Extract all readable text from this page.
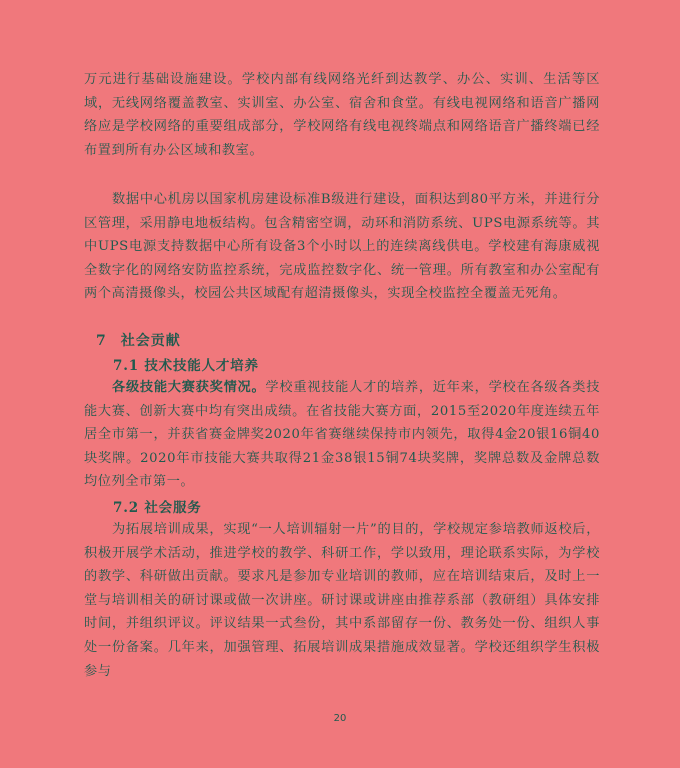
万元进行基础设施建设。学校内部有线网络光纤到达教学、办公、实训、生活等区域，无线网络覆盖教室、实训室、办公室、宿舍和食堂。有线电视网络和语音广播网络应是学校网络的重要组成部分，学校网络有线电视终端点和网络语音广播终端已经布置到所有办公区域和教室。

数据中心机房以国家机房建设标准B级进行建设，面积达到80平方米，并进行分区管理，采用静电地板结构。包含精密空调，动环和消防系统、UPS电源系统等。其中UPS电源支持数据中心所有设备3个小时以上的连续离线供电。学校建有海康威视全数字化的网络安防监控系统，完成监控数字化、统一管理。所有教室和办公室配有两个高清摄像头，校园公共区域配有超清摄像头，实现全校监控全覆盖无死角。

7 社会贡献

7.1 技术技能人才培养

各级技能大赛获奖情况。学校重视技能人才的培养，近年来，学校在各级各类技能大赛、创新大赛中均有突出成绩。在省技能大赛方面，2015至2020年度连续五年居全市第一，并获省赛金牌奖2020年省赛继续保持市内领先，取得4金20银16铜40块奖牌。2020年市技能大赛共取得21金38银15铜74块奖牌，奖牌总数及金牌总数均位列全市第一。

7.2 社会服务

为拓展培训成果，实现“一人培训辐射一片”的目的，学校规定参培教师返校后，积极开展学术活动，推进学校的教学、科研工作，学以致用，理论联系实际，为学校的教学、科研做出贡献。要求凡是参加专业培训的教师，应在培训结束后，及时上一堂与培训相关的研讨课或做一次讲座。研讨课或讲座由推荐系部（教研组）具体安排时间，并组织评议。评议结果一式叁份，其中系部留存一份、教务处一份、组织人事处一份备案。几年来，加强管理、拓展培训成果措施成效显著。学校还组织学生积极参与

20
